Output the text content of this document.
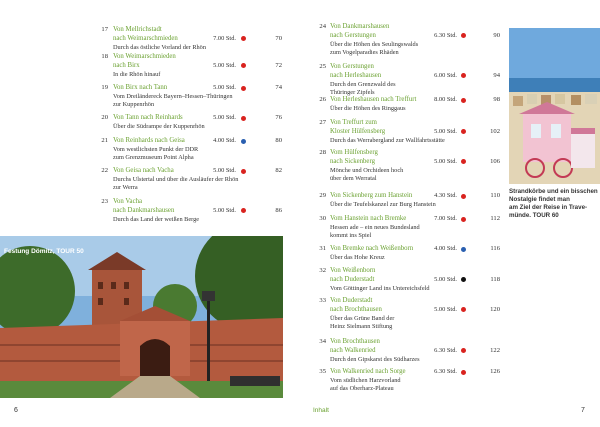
17 Von Mellrichstadt
nach Weimarschmieden	7.00 Std.	70
Durch das östliche Vorland der Rhön
18 Von Weimarschmieden
nach Birx	5.00 Std.	72
In die Rhön hinauf
19 Von Birx nach Tann	5.00 Std.	74
Vom Dreiländereck Bayern–Hessen–Thüringen
zur Kuppenrhön
20 Von Tann nach Reinhards	5.00 Std.	76
Über die Südrampe der Kuppenrhön
21 Von Reinhards nach Geisa	4.00 Std.	80
Vom westlichsten Punkt der DDR
zum Grenzmuseum Point Alpha
22 Von Geisa nach Vacha	5.00 Std.	82
Durchs Ulstertal und über die Ausläufer der Rhön
zur Werra
23 Von Vacha
nach Dankmarshausen	5.00 Std.	86
Durch das Land der weißen Berge
24 Von Dankmarshausen
nach Gerstungen	6.30 Std.	90
Über die Höhen des Seulingswalds
zum Vogelparadies Rhäden
25 Von Gerstungen
nach Herleshausen	6.00 Std.	94
Durch den Grenzwald des
Thüringer Zipfels
26 Von Herleshausen nach Treffurt	8.00 Std.	98
Über die Höhen des Ringgaus
27 Von Treffurt zum
Kloster Hülfensberg	5.00 Std.	102
Durch das Werrabergland zur Wallfahrtsstätte
28 Vom Hülfensberg
nach Sickenberg	5.00 Std.	106
Mönche und Orchideen hoch
über dem Werratal
29 Von Sickenberg zum Hanstein	4.30 Std.	110
Über die Teufelskanzel zur Burg Hanstein
30 Vom Hanstein nach Bremke	7.00 Std.	112
Hessen ade – ein neues Bundesland
kommt ins Spiel
31 Von Bremke nach Weißenborn	4.00 Std.	116
Über das Hohe Kreuz
32 Von Weißenborn
nach Duderstadt	5.00 Std.	118
Vom Göttinger Land ins Untereichsfeld
33 Von Duderstadt
nach Brochthausen	5.00 Std.	120
Über das Grüne Band der
Heinz Sielmann Stiftung
34 Von Brochthausen
nach Walkenried	6.30 Std.	122
Durch den Gipskarst des Südharzes
35 Von Walkenried nach Sorge	6.30 Std.	126
Vom südlichen Harzvorland
auf das Oberharz-Plateau
Festung Dömitz, TOUR 50
Strandkörbe und ein bisschen
Nostalgie findet man
am Ziel der Reise in Trave-
münde. TOUR 60
6	Inhalt	7
